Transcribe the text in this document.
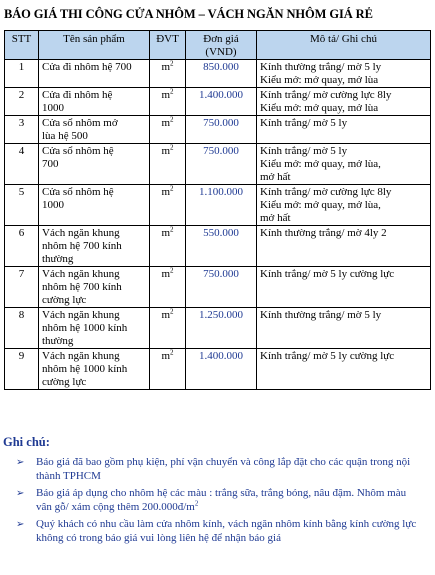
BÁO GIÁ THI CÔNG CỬA NHÔM – VÁCH NGĂN NHÔM GIÁ RẺ
STT	Tên sản phẩm	ĐVT	Đơn giá
(VND)	Mô tả/ Ghi chú
1	Cửa đi nhôm hệ 700	$m^2$	850.000	Kính thường trắng/ mờ 5 ly
Kiểu mở: mở quay, mở lùa
2	Cửa đi nhôm hệ
1000	$m^2$	1.400.000	Kính trắng/ mờ cường lực 8ly
Kiểu mở: mở quay, mở lùa
3	Cửa sổ nhôm mở
lùa hệ 500	$m^2$	750.000	Kính trắng/ mờ 5 ly
4	Cửa sổ nhôm hệ
700	$m^2$	750.000	Kính trắng/ mờ 5 ly
Kiểu mở: mở quay, mở lùa,
mở hất
5	Cửa sổ nhôm hệ
1000	$m^2$	1.100.000	Kính trắng/ mờ cường lực 8ly
Kiểu mở: mở quay, mở lùa,
mở hất
6	Vách ngăn khung
nhôm hệ 700 kính
thường	$m^2$	550.000	Kính thường trắng/ mờ 4ly 2
7	Vách ngăn khung
nhôm hệ 700 kính
cường lực	$m^2$	750.000	Kính trắng/ mờ 5 ly cường lực
8	Vách ngăn khung
nhôm hệ 1000 kính
thường	$m^2$	1.250.000	Kính thường trắng/ mờ 5 ly
9	Vách ngăn khung
nhôm hệ 1000 kính
cường lực	$m^2$	1.400.000	Kính trắng/ mờ 5 ly cường lực
Ghi chú:
➢ Báo giá đã bao gồm phụ kiện, phí vận chuyển và công lắp đặt cho các quận trong nội thành TPHCM
➢ Báo giá áp dụng cho nhôm hệ các màu : trắng sữa, trắng bóng, nâu đậm. Nhôm màu vân gỗ/ xám cộng thêm $200.000đ/m^2$
➢ Quý khách có nhu cầu làm cửa nhôm kính, vách ngăn nhôm kính bằng kính cường lực không có trong báo giá vui lòng liên hệ để nhận báo giá
